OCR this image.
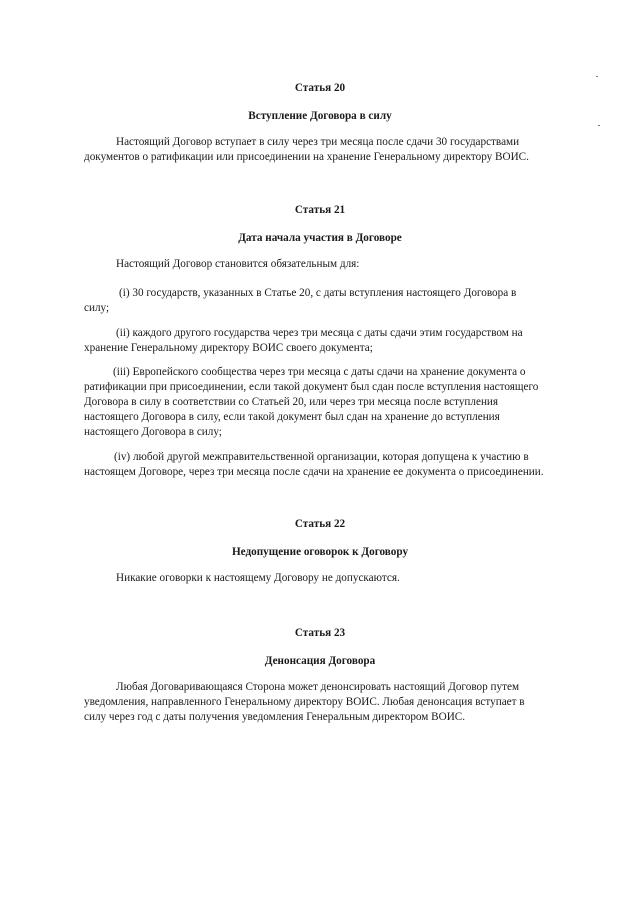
Статья 20

Вступление Договора в силу

Настоящий Договор вступает в силу через три месяца после сдачи 30 государствами

документов о ратификации или присоединении на хранение Генеральному директору ВОИС.

Статья 21

Дата начала участия в Договоре

Настоящий Договор становится обязательным для:

(i) 30 государств, указанных в Статье 20, с даты вступления настоящего Договора в

силу;

(ii) каждого другого государства через три месяца с даты сдачи этим государством на

хранение Генеральному директору ВОИС своего документа;

(iii) Европейского сообщества через три месяца с даты сдачи на хранение документа о

ратификации при присоединении, если такой документ был сдан после вступления настоящего

Договора в силу в соответствии со Статьей 20, или через три месяца после вступления

настоящего Договора в силу, если такой документ был сдан на хранение до вступления

настоящего Договора в силу;

(iv) любой другой межправительственной организации, которая допущена к участию в

настоящем Договоре, через три месяца после сдачи на хранение ее документа о присоединении.

Статья 22

Недопущение оговорок к Договору

Никакие оговорки к настоящему Договору не допускаются.

Статья 23

Денонсация Договора

Любая Договаривающаяся Сторона может денонсировать настоящий Договор путем

уведомления, направленного Генеральному директору ВОИС. Любая денонсация вступает в

силу через год с даты получения уведомления Генеральным директором ВОИС.
